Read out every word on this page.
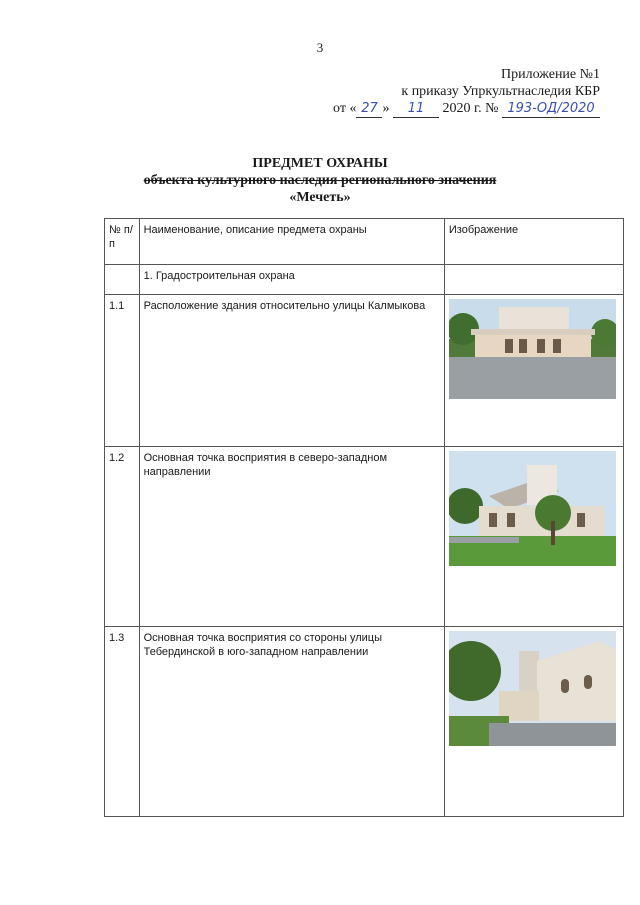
3
Приложение №1
к приказу Упркультнаследия КБР
от « 27 » 11 2020 г. № 193-ОД/2020
ПРЕДМЕТ ОХРАНЫ
объекта культурного наследия регионального значения
«Мечеть»
№ п/п	Наименование, описание предмета охраны	Изображение
	1. Градостроительная охрана	
1.1	Расположение здания относительно улицы Калмыкова	

1.2	Основная точка восприятия в северо-западном направлении	

1.3	Основная точка восприятия со стороны улицы Тебердинской в юго-западном направлении	
